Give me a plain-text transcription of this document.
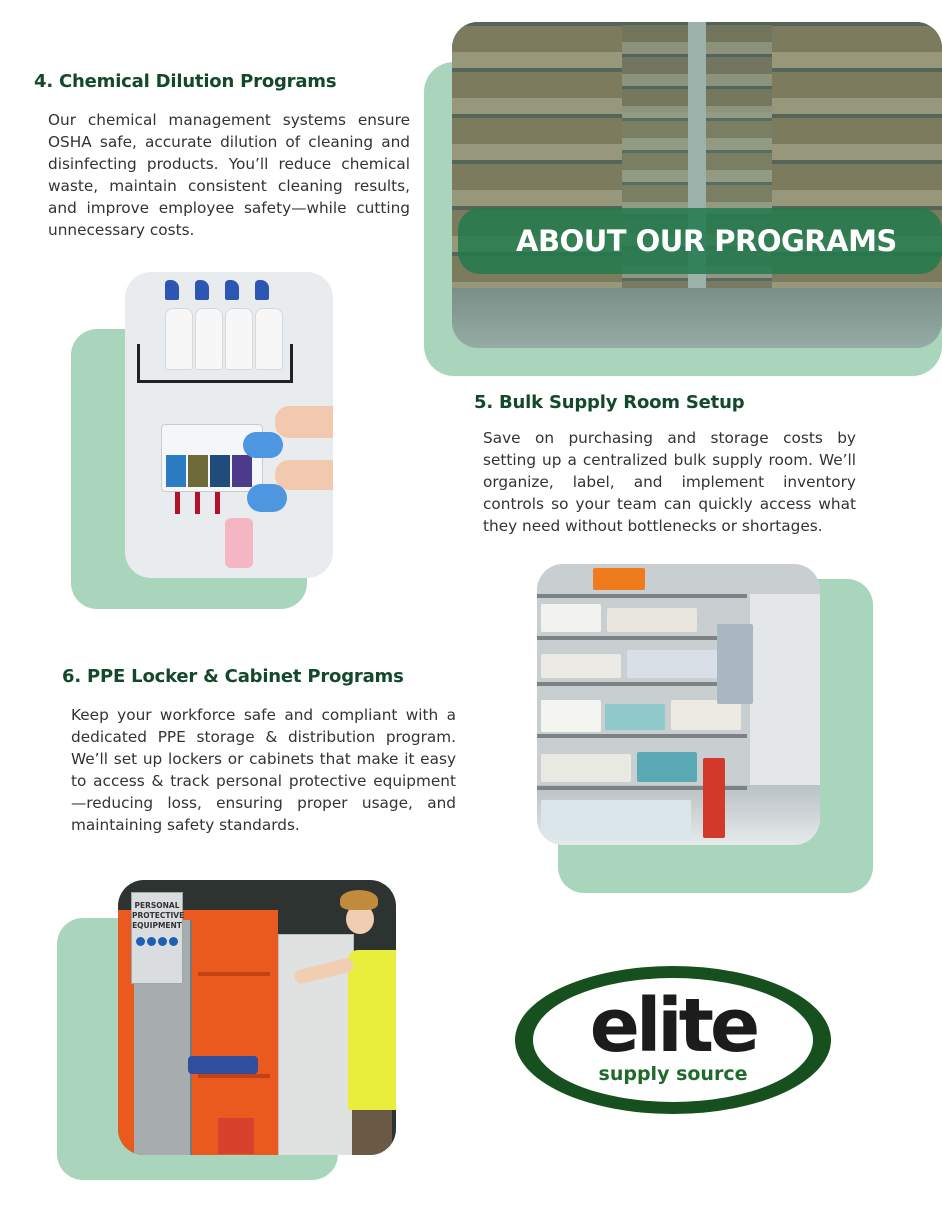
4. Chemical Dilution Programs

Our chemical management systems ensure OSHA safe, accurate dilution of cleaning and disinfecting products. You’ll reduce chemical waste, maintain consistent cleaning results, and improve employee safety—while cutting unnecessary costs.	ABOUT OUR PROGRAMS
5. Bulk Supply Room Setup

Save on purchasing and storage costs by setting up a centralized bulk supply room. We’ll organize, label, and implement inventory controls so your team can quickly access what they need without bottlenecks or shortages.

6. PPE Locker & Cabinet Programs

Keep your workforce safe and compliant with a dedicated PPE storage & distribution program. We’ll set up lockers or cabinets that make it easy to access & track personal protective equipment —reducing loss, ensuring proper usage, and maintaining safety standards.

PERSONAL
PROTECTIVE
EQUIPMENT
elite
supply source
